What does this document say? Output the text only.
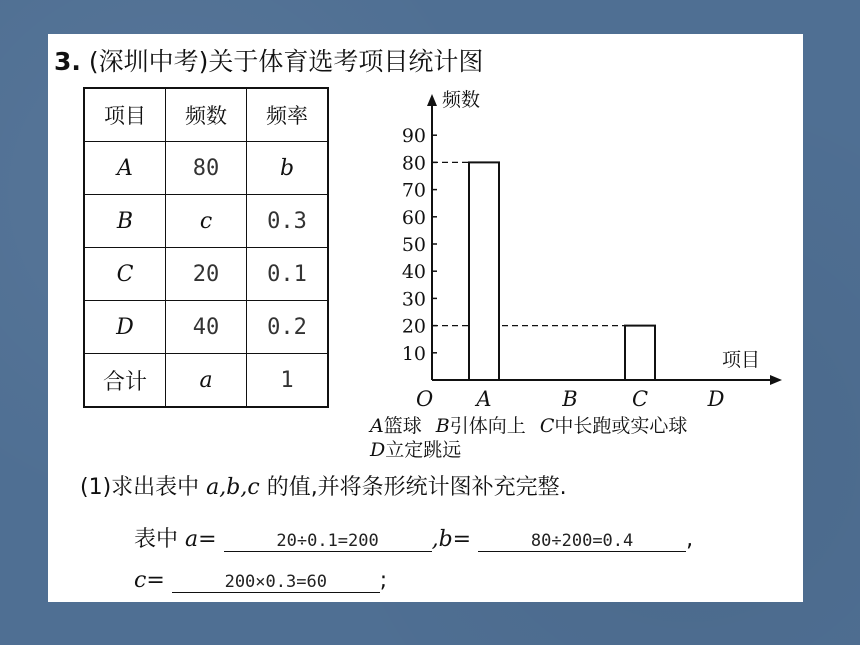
3. (深圳中考)关于体育选考项目统计图
项目	频数	频率
A	80	b
B	c	0.3
C	20	0.1
D	40	0.2
合计	a	1
频数
项目
O
10
20
30
40
50
60
70
80
90
A	B	C	D
A篮球 B引体向上 C中长跑或实心球
D立定跳远
(1)求出表中 a,b,c 的值,并将条形统计图补充完整.
表中 a=	20÷0.1=200 ,b=	80÷200=0.4 ,
c=	200×0.3=60 ;
